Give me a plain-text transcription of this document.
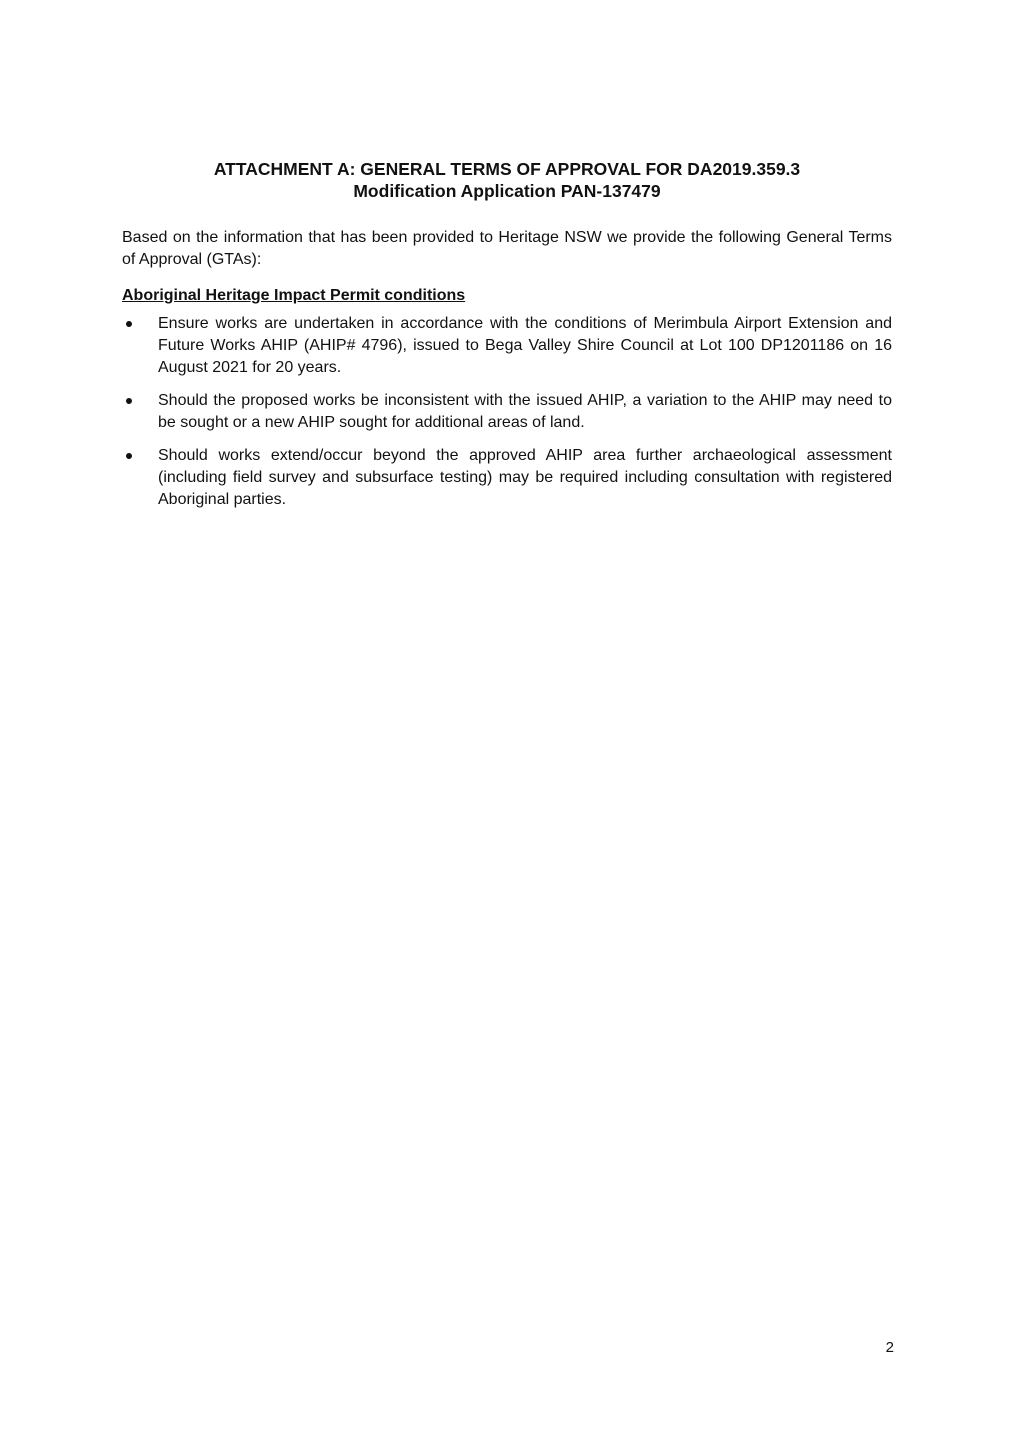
ATTACHMENT A: GENERAL TERMS OF APPROVAL FOR DA2019.359.3
Modification Application PAN-137479

Based on the information that has been provided to Heritage NSW we provide the following General Terms of Approval (GTAs):

Aboriginal Heritage Impact Permit conditions
Ensure works are undertaken in accordance with the conditions of Merimbula Airport Extension and Future Works AHIP (AHIP# 4796), issued to Bega Valley Shire Council at Lot 100 DP1201186 on 16 August 2021 for 20 years.
Should the proposed works be inconsistent with the issued AHIP, a variation to the AHIP may need to be sought or a new AHIP sought for additional areas of land.
Should works extend/occur beyond the approved AHIP area further archaeological assessment (including field survey and subsurface testing) may be required including consultation with registered Aboriginal parties.
2
